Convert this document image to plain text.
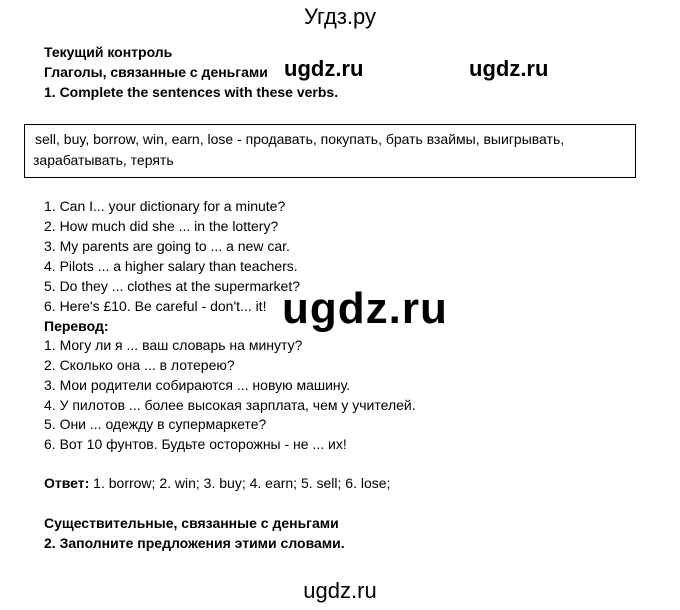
Угдз.ру
Текущий контроль
Глаголы, связанные с деньгами
1. Complete the sentences with these verbs.
ugdz.ru	ugdz.ru
sell, buy, borrow, win, earn, lose - продавать, покупать, брать взаймы, выигрывать,
зарабатывать, терять
1. Can I... your dictionary for a minute?
2. How much did she ... in the lottery?
3. My parents are going to ... a new car.
4. Pilots ... a higher salary than teachers.
5. Do they ... clothes at the supermarket?
6. Here's £10. Be careful - don't... it! ugdz.ru
Перевод:
1. Могу ли я ... ваш словарь на минуту?
2. Сколько она ... в лотерею?
3. Мои родители собираются ... новую машину.
4. У пилотов ... более высокая зарплата, чем у учителей.
5. Они ... одежду в супермаркете?
6. Вот 10 фунтов. Будьте осторожны - не ... их!
Ответ: 1. borrow; 2. win; 3. buy; 4. earn; 5. sell; 6. lose;
Существительные, связанные с деньгами
2. Заполните предложения этими словами.
ugdz.ru
